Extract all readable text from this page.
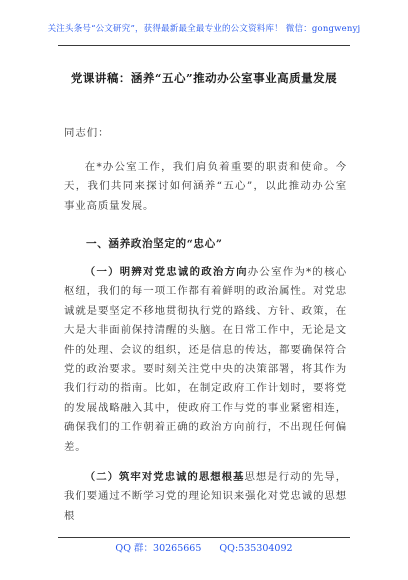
关注头条号“公文研究”，获得最新最全最专业的公文资料库！ 微信：gongwenyj
党课讲稿：涵养“五心”推动办公室事业高质量发展
同志们：
在*办公室工作，我们肩负着重要的职责和使命。今天，我们共同来探讨如何涵养“五心”，以此推动办公室事业高质量发展。
一、涵养政治坚定的“忠心”
（一）明辨对党忠诚的政治方向办公室作为*的核心枢纽，我们的每一项工作都有着鲜明的政治属性。对党忠诚就是要坚定不移地贯彻执行党的路线、方针、政策，在大是大非面前保持清醒的头脑。在日常工作中，无论是文件的处理、会议的组织，还是信息的传达，都要确保符合党的政治要求。要时刻关注党中央的决策部署，将其作为我们行动的指南。比如，在制定政府工作计划时，要将党的发展战略融入其中，使政府工作与党的事业紧密相连，确保我们的工作朝着正确的政治方向前行，不出现任何偏差。
（二）筑牢对党忠诚的思想根基思想是行动的先导，我们要通过不断学习党的理论知识来强化对党忠诚的思想根
QQ 群：30265665 QQ:535304092
